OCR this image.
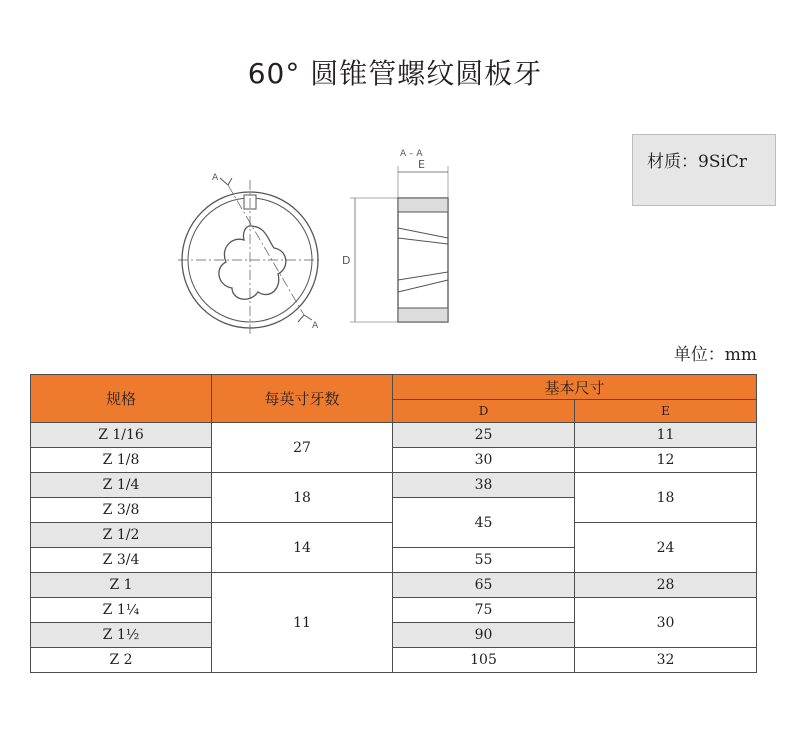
60° 圆锥管螺纹圆板牙
材质：9SiCr
A
A
A – A
E
D
单位：mm
规格	每英寸牙数	基本尺寸	
		D	E
Z 1/16	27	25	11
Z 1/8		30	12
Z 1/4	18	38	18
Z 3/8		45	
Z 1/2	14		24
Z 3/4		55	
Z 1	11	65	28
Z 1¼		75	30
Z 1½		90	
Z 2		105	32
